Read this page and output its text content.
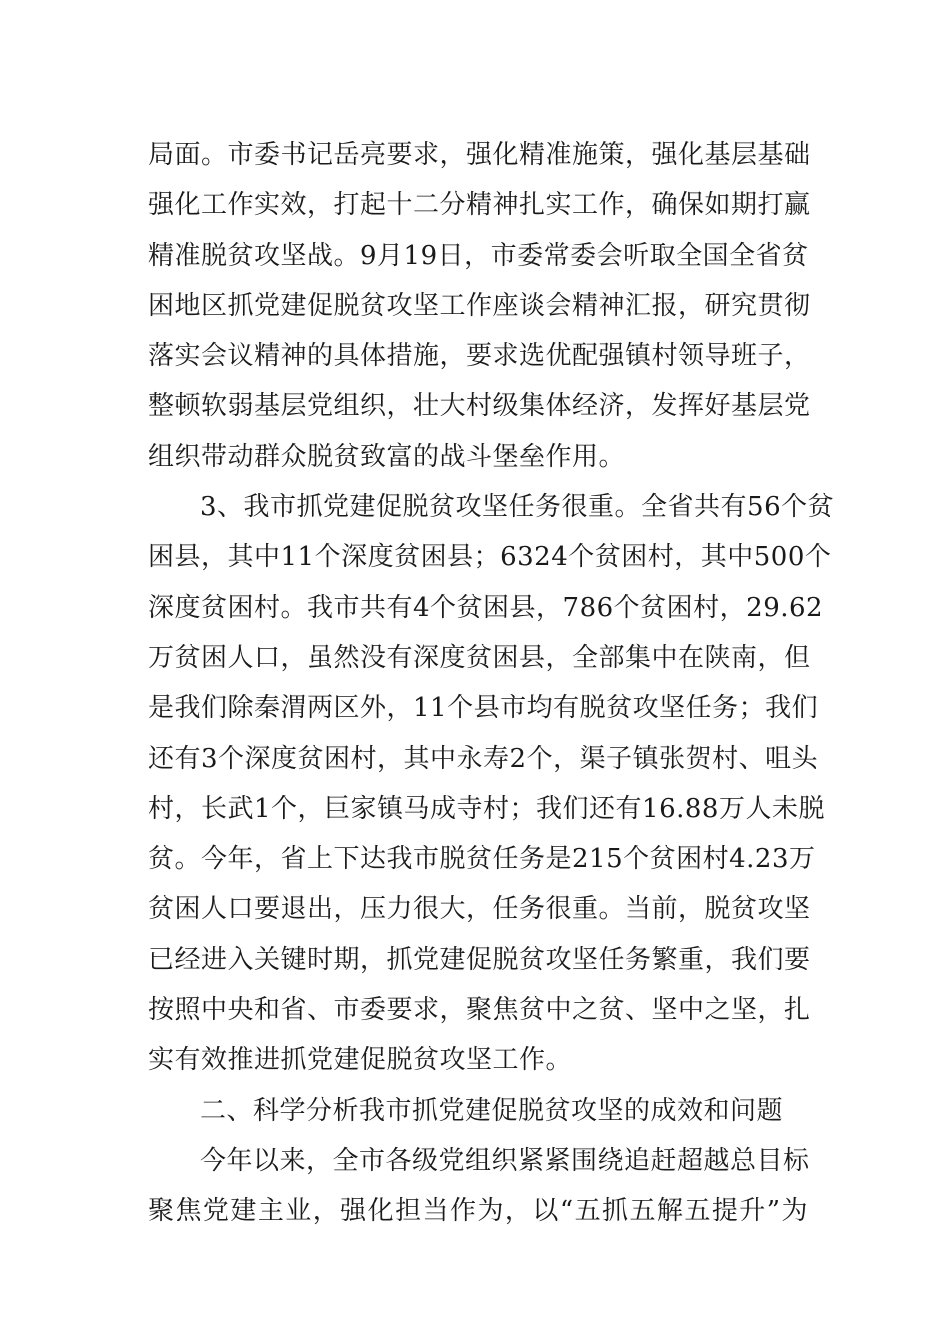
局面。市委书记岳亮要求，强化精准施策，强化基层基础
强化工作实效，打起十二分精神扎实工作，确保如期打赢
精准脱贫攻坚战。9月19日，市委常委会听取全国全省贫
困地区抓党建促脱贫攻坚工作座谈会精神汇报，研究贯彻
落实会议精神的具体措施，要求选优配强镇村领导班子，
整顿软弱基层党组织，壮大村级集体经济，发挥好基层党
组织带动群众脱贫致富的战斗堡垒作用。
3、我市抓党建促脱贫攻坚任务很重。全省共有56个贫
困县，其中11个深度贫困县；6324个贫困村，其中500个
深度贫困村。我市共有4个贫困县，786个贫困村，29.62
万贫困人口，虽然没有深度贫困县，全部集中在陕南，但
是我们除秦渭两区外，11个县市均有脱贫攻坚任务；我们
还有3个深度贫困村，其中永寿2个，渠子镇张贺村、咀头
村，长武1个，巨家镇马成寺村；我们还有16.88万人未脱
贫。今年，省上下达我市脱贫任务是215个贫困村4.23万
贫困人口要退出，压力很大，任务很重。当前，脱贫攻坚
已经进入关键时期，抓党建促脱贫攻坚任务繁重，我们要
按照中央和省、市委要求，聚焦贫中之贫、坚中之坚，扎
实有效推进抓党建促脱贫攻坚工作。
二、科学分析我市抓党建促脱贫攻坚的成效和问题
今年以来，全市各级党组织紧紧围绕追赶超越总目标
聚焦党建主业，强化担当作为，以“五抓五解五提升”为
